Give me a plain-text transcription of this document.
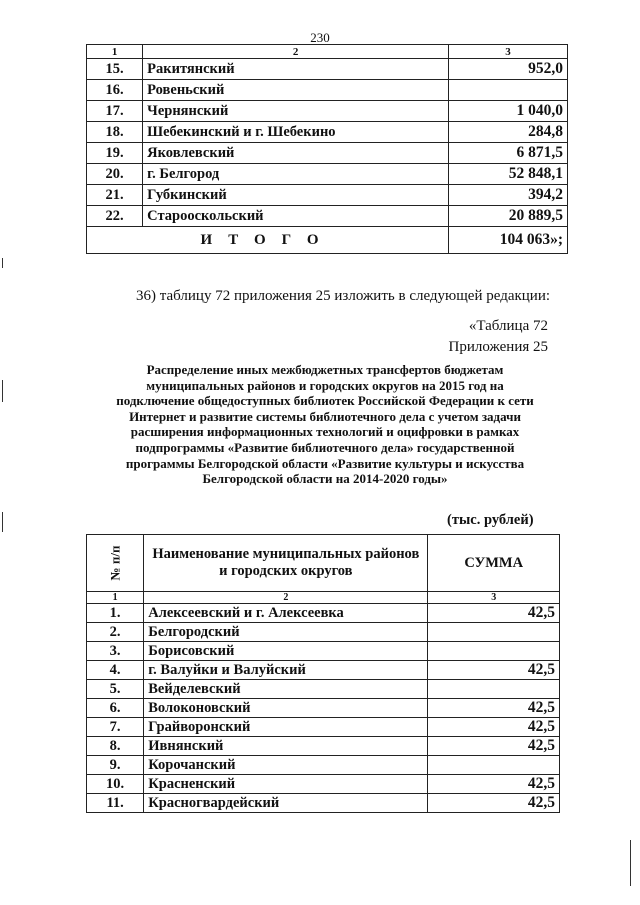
230
1	2	3
15.	Ракитянский	952,0
16.	Ровеньский	
17.	Чернянский	1 040,0
18.	Шебекинский и г. Шебекино	284,8
19.	Яковлевский	6 871,5
20.	г. Белгород	52 848,1
21.	Губкинский	394,2
22.	Старооскольский	20 889,5
ИТОГО		104 063»;
36) таблицу 72 приложения 25 изложить в следующей редакции:
«Таблица 72
Приложения 25
Распределение иных межбюджетных трансфертов бюджетам
муниципальных районов и городских округов на 2015 год на
подключение общедоступных библиотек Российской Федерации к сети
Интернет и развитие системы библиотечного дела с учетом задачи
расширения информационных технологий и оцифровки в рамках
подпрограммы «Развитие библиотечного дела» государственной
программы Белгородской области «Развитие культуры и искусства
Белгородской области на 2014-2020 годы»
(тыс. рублей)
№ п/п	Наименование муниципальных районов
и городских округов	СУММА
1	2	3
1.	Алексеевский и г. Алексеевка	42,5
2.	Белгородский	
3.	Борисовский	
4.	г. Валуйки и Валуйский	42,5
5.	Вейделевский	
6.	Волоконовский	42,5
7.	Грайворонский	42,5
8.	Ивнянский	42,5
9.	Корочанский	
10.	Красненский	42,5
11.	Красногвардейский	42,5
